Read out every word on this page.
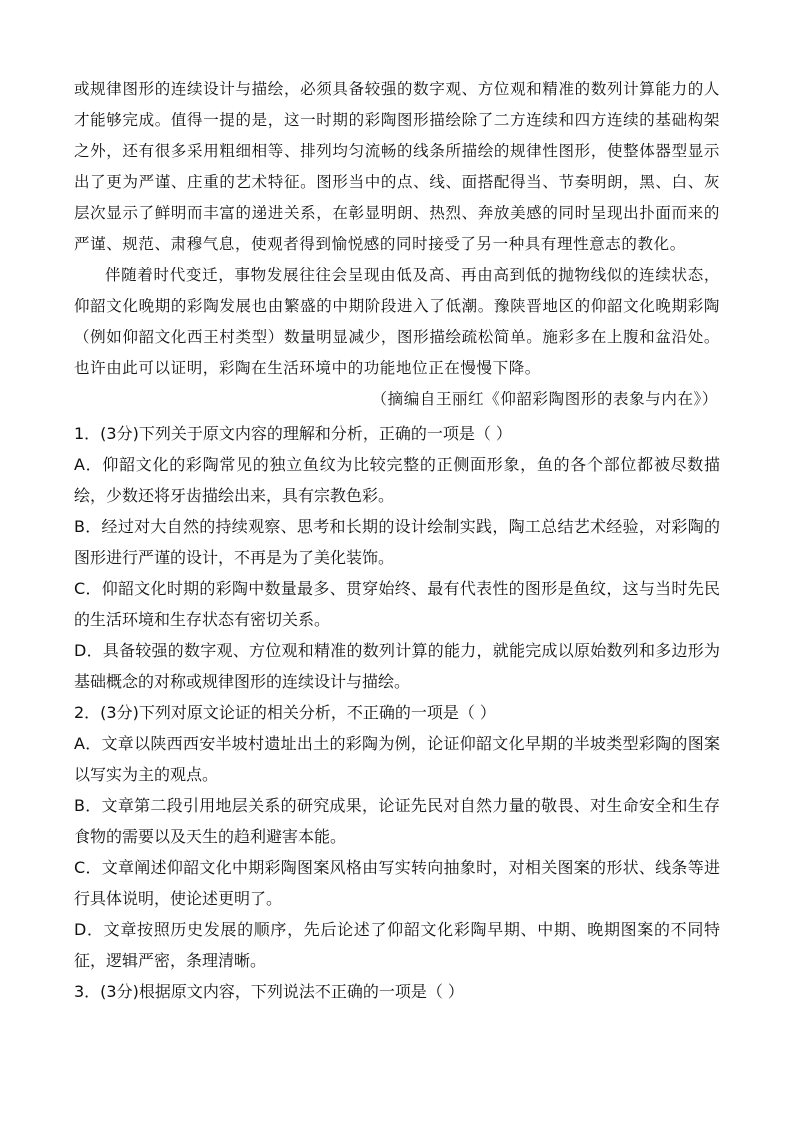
或规律图形的连续设计与描绘，必须具备较强的数字观、方位观和精准的数列计算能力的人才能够完成。值得一提的是，这一时期的彩陶图形描绘除了二方连续和四方连续的基础构架之外，还有很多采用粗细相等、排列均匀流畅的线条所描绘的规律性图形，使整体器型显示出了更为严谨、庄重的艺术特征。图形当中的点、线、面搭配得当、节奏明朗，黑、白、灰层次显示了鲜明而丰富的递进关系，在彰显明朗、热烈、奔放美感的同时呈现出扑面而来的严谨、规范、肃穆气息，使观者得到愉悦感的同时接受了另一种具有理性意志的教化。

伴随着时代变迁，事物发展往往会呈现由低及高、再由高到低的抛物线似的连续状态，仰韶文化晚期的彩陶发展也由繁盛的中期阶段进入了低潮。豫陕晋地区的仰韶文化晚期彩陶（例如仰韶文化西王村类型）数量明显减少，图形描绘疏松简单。施彩多在上腹和盆沿处。也许由此可以证明，彩陶在生活环境中的功能地位正在慢慢下降。

（摘编自王丽红《仰韶彩陶图形的表象与内在》）

1．(3分)下列关于原文内容的理解和分析，正确的一项是（ ）

A．仰韶文化的彩陶常见的独立鱼纹为比较完整的正侧面形象，鱼的各个部位都被尽数描绘，少数还将牙齿描绘出来，具有宗教色彩。

B．经过对大自然的持续观察、思考和长期的设计绘制实践，陶工总结艺术经验，对彩陶的图形进行严谨的设计，不再是为了美化装饰。

C．仰韶文化时期的彩陶中数量最多、贯穿始终、最有代表性的图形是鱼纹，这与当时先民的生活环境和生存状态有密切关系。

D．具备较强的数字观、方位观和精准的数列计算的能力，就能完成以原始数列和多边形为基础概念的对称或规律图形的连续设计与描绘。

2．(3分)下列对原文论证的相关分析，不正确的一项是（ ）

A．文章以陕西西安半坡村遗址出土的彩陶为例，论证仰韶文化早期的半坡类型彩陶的图案以写实为主的观点。

B．文章第二段引用地层关系的研究成果，论证先民对自然力量的敬畏、对生命安全和生存食物的需要以及天生的趋利避害本能。

C．文章阐述仰韶文化中期彩陶图案风格由写实转向抽象时，对相关图案的形状、线条等进行具体说明，使论述更明了。

D．文章按照历史发展的顺序，先后论述了仰韶文化彩陶早期、中期、晚期图案的不同特征，逻辑严密，条理清晰。

3．(3分)根据原文内容，下列说法不正确的一项是（ ）
